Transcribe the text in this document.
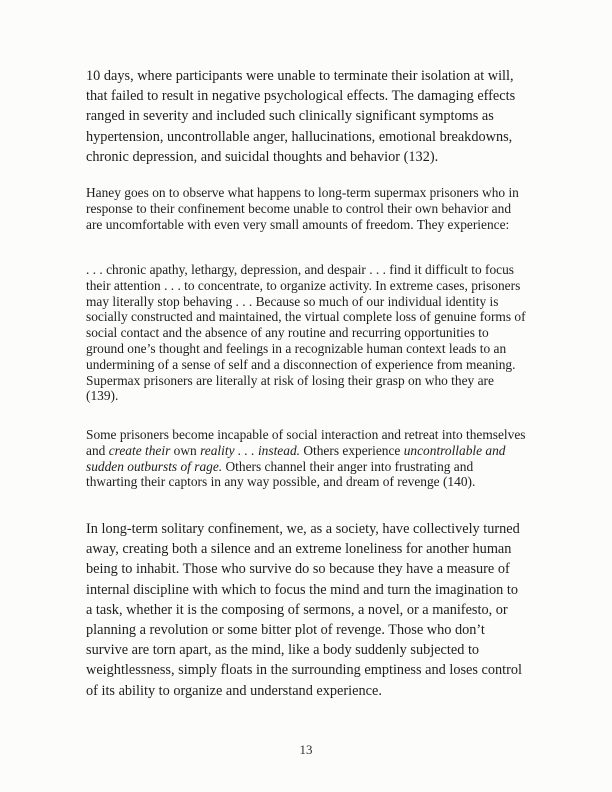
10 days, where participants were unable to terminate their isolation at will, that failed to result in negative psychological effects. The damaging effects ranged in severity and included such clinically significant symptoms as hypertension, uncontrollable anger, hallucinations, emotional breakdowns, chronic depression, and suicidal thoughts and behavior (132).

Haney goes on to observe what happens to long-term supermax prisoners who in response to their confinement become unable to control their own behavior and are uncomfortable with even very small amounts of freedom. They experience:

. . . chronic apathy, lethargy, depression, and despair . . . find it difficult to focus their attention . . . to concentrate, to organize activity. In extreme cases, prisoners may literally stop behaving . . . Because so much of our individual identity is socially constructed and maintained, the virtual complete loss of genuine forms of social contact and the absence of any routine and recurring opportunities to ground one’s thought and feelings in a recognizable human context leads to an undermining of a sense of self and a disconnection of experience from meaning. Supermax prisoners are literally at risk of losing their grasp on who they are (139).

Some prisoners become incapable of social interaction and retreat into themselves and create their own reality . . . instead. Others experience uncontrollable and sudden outbursts of rage. Others channel their anger into frustrating and thwarting their captors in any way possible, and dream of revenge (140).

In long-term solitary confinement, we, as a society, have collectively turned away, creating both a silence and an extreme loneliness for another human being to inhabit. Those who survive do so because they have a measure of internal discipline with which to focus the mind and turn the imagination to a task, whether it is the composing of sermons, a novel, or a manifesto, or planning a revolution or some bitter plot of revenge. Those who don’t survive are torn apart, as the mind, like a body suddenly subjected to weightlessness, simply floats in the surrounding emptiness and loses control of its ability to organize and understand experience.

13
